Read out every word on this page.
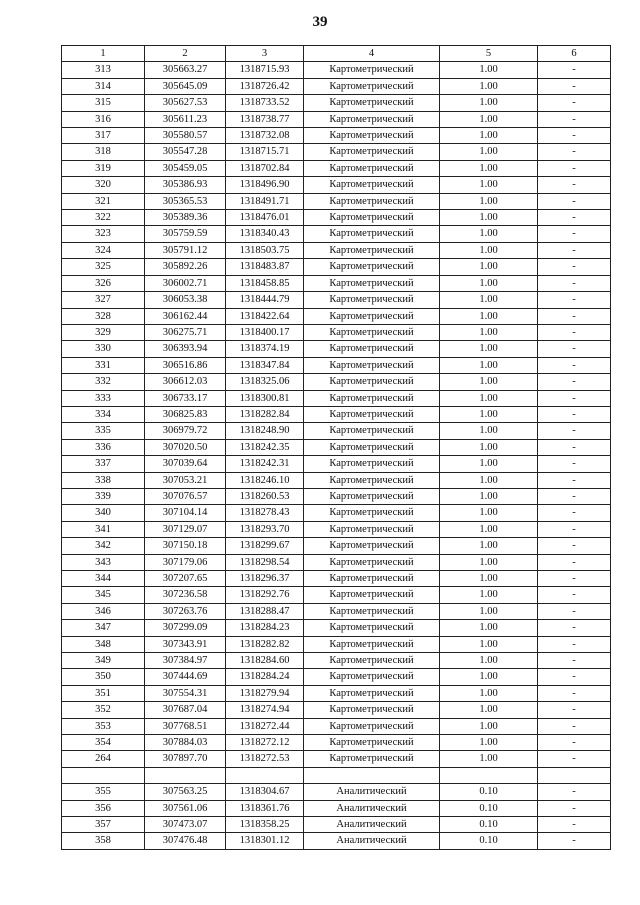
39
1	2	3	4	5	6
313	305663.27	1318715.93	Картометрический	1.00	-
314	305645.09	1318726.42	Картометрический	1.00	-
315	305627.53	1318733.52	Картометрический	1.00	-
316	305611.23	1318738.77	Картометрический	1.00	-
317	305580.57	1318732.08	Картометрический	1.00	-
318	305547.28	1318715.71	Картометрический	1.00	-
319	305459.05	1318702.84	Картометрический	1.00	-
320	305386.93	1318496.90	Картометрический	1.00	-
321	305365.53	1318491.71	Картометрический	1.00	-
322	305389.36	1318476.01	Картометрический	1.00	-
323	305759.59	1318340.43	Картометрический	1.00	-
324	305791.12	1318503.75	Картометрический	1.00	-
325	305892.26	1318483.87	Картометрический	1.00	-
326	306002.71	1318458.85	Картометрический	1.00	-
327	306053.38	1318444.79	Картометрический	1.00	-
328	306162.44	1318422.64	Картометрический	1.00	-
329	306275.71	1318400.17	Картометрический	1.00	-
330	306393.94	1318374.19	Картометрический	1.00	-
331	306516.86	1318347.84	Картометрический	1.00	-
332	306612.03	1318325.06	Картометрический	1.00	-
333	306733.17	1318300.81	Картометрический	1.00	-
334	306825.83	1318282.84	Картометрический	1.00	-
335	306979.72	1318248.90	Картометрический	1.00	-
336	307020.50	1318242.35	Картометрический	1.00	-
337	307039.64	1318242.31	Картометрический	1.00	-
338	307053.21	1318246.10	Картометрический	1.00	-
339	307076.57	1318260.53	Картометрический	1.00	-
340	307104.14	1318278.43	Картометрический	1.00	-
341	307129.07	1318293.70	Картометрический	1.00	-
342	307150.18	1318299.67	Картометрический	1.00	-
343	307179.06	1318298.54	Картометрический	1.00	-
344	307207.65	1318296.37	Картометрический	1.00	-
345	307236.58	1318292.76	Картометрический	1.00	-
346	307263.76	1318288.47	Картометрический	1.00	-
347	307299.09	1318284.23	Картометрический	1.00	-
348	307343.91	1318282.82	Картометрический	1.00	-
349	307384.97	1318284.60	Картометрический	1.00	-
350	307444.69	1318284.24	Картометрический	1.00	-
351	307554.31	1318279.94	Картометрический	1.00	-
352	307687.04	1318274.94	Картометрический	1.00	-
353	307768.51	1318272.44	Картометрический	1.00	-
354	307884.03	1318272.12	Картометрический	1.00	-
264	307897.70	1318272.53	Картометрический	1.00	-

355	307563.25	1318304.67	Аналитический	0.10	-
356	307561.06	1318361.76	Аналитический	0.10	-
357	307473.07	1318358.25	Аналитический	0.10	-
358	307476.48	1318301.12	Аналитический	0.10	-
